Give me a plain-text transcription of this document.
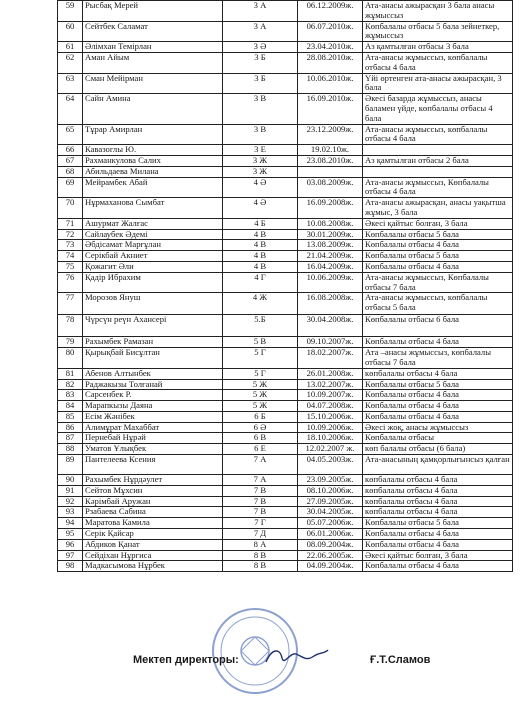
59	Рысбақ Мерей	3 А	06.12.2009ж.	Ата-анасы ажырасқан 3 бала анасы жұмыссыз
60	Сейтбек Саламат	3 А	06.07.2010ж.	Көпбалалы отбасы 5 бала зейнеткер, жұмыссыз
61	Әлімхан Темірлан	3 Ә	23.04.2010ж.	Аз қамтылған отбасы 3 бала
62	Аман Айым	3 Б	28.08.2010ж.	Ата-анасы жұмыссыз, көпбалалы отбасы 4 бала
63	Сман Мейірман	3 Б	10.06.2010ж.	Үйі өртенген ата-анасы ажырасқан, 3 бала
64	Сайн Амина	3 В	16.09.2010ж.	Әкесі базарда жұмыссыз, анасы баламен үйде, көпбалалы отбасы 4 бала
65	Тұрар Амирлан	3 В	23.12.2009ж.	Ата-анасы жұмыссыз, көпбалалы отбасы 4 бала
66	Кавазоглы Ю.	3 Е	19.02.10ж.	
67	Рахманкулова Салих	3 Ж	23.08.2010ж.	Аз қамтылған отбасы 2 бала
68	Абильдаева Милана	3 Ж		
69	Мейрамбек Абай	4 Ә	03.08.2009ж.	Ата-анасы жұмыссыз, Көпбалалы отбасы 4 бала
70	Нұрмаханова Сымбат	4 Ә	16.09.2008ж.	Ата-анасы ажырасқан, анасы уақытша жұмыс, 3 бала
71	Ашурмат Жалғас	4 Б	10.08.2008ж.	Әкесі қайтыс болған, 3 бала
72	Сайлаубек Әдемі	4 В	30.01.2009ж.	Көпбалалы отбасы 5 бала
73	Әбдісамат Марғұлан	4 В	13.08.2009ж.	Көпбалалы отбасы 4 бала
74	Серікбай Акниет	4 В	21.04.2009ж.	Көпбалалы отбасы 5 бала
75	Қожагит Әли	4 В	16.04.2009ж.	Көпбалалы отбасы 4 бала
76	Қадір Ибрахим	4 Г	10.06.2009ж.	Ата-анасы жұмыссыз, Көпбалалы отбасы 7 бала
77	Морозов Януш	4 Ж	16.08.2008ж.	Ата-анасы жұмыссыз, көпбалалы отбасы 5 бала
78	Чүрсүн реүн Ахансері	5.Б	30.04.2008ж.	Көпбалалы отбасы 6 бала
79	Рахымбек Рамазан	5 В	09.10.2007ж.	Көпбалалы отбасы 4 бала
80	Қырықбай Бисұлтан	5 Г	18.02.2007ж.	Ата –анасы жұмыссыз, көпбалалы отбасы 7 бала
81	Абенов Алтынбек	5 Г	26.01.2008ж.	көпбалалы отбасы 4 бала
82	Раджакызы Толғанай	5 Ж	13.02.2007ж.	Көпбалалы отбасы 5 бала
83	Сарсенбек Р.	5 Ж	10.09.2007ж.	Көпбалалы отбасы 4 бала
84	Марапкызы Даяна	5 Ж	04.07.2008ж.	Көпбалалы отбасы 4 бала
85	Есім Жәнібек	6 Б	15.10.2006ж.	Көпбалалы отбасы 4 бала
86	Алимұрат Махаббат	6 Ә	10.09.2006ж.	Әкесі жоқ, анасы жұмыссыз
87	Пернебай Нұрәй	6 В	18.10.2006ж.	Көпбалалы отбасы
88	Уматов Ұлықбек	6 Е	12.02.2007 ж.	көп балалы отбасы (6 бала)
89	Пантелеева Ксения	7 А	04.05.2003ж.	Ата-анасының қамқорлығынсыз қалған
90	Рахымбек Нұрдәулет	7 А	23.09.2005ж.	көпбалалы отбасы 4 бала
91	Сейтов Мұхсин	7 В	08.10.2006ж.	көпбалалы отбасы 4 бала
92	Кәрімбай Аружан	7 В	27.09.2005ж.	көпбалалы отбасы 4 бала
93	Рзабаева Сабина	7 В	30.04.2005ж.	көпбалалы отбасы 4 бала
94	Маратова Камила	7 Г	05.07.2006ж.	Көпбалалы отбасы 5 бала
95	Серік Қайсар	7 Д	06.01.2006ж.	Көпбалалы отбасы 4 бала
96	Абдиков Қанат	8 А	08.09.2004ж.	Көпбалалы отбасы 4 бала
97	Сейдіхан Нұргиса	8 В	22.06.2005ж.	Әкесі қайтыс болған, 3 бала
98	Мадкасымова Нұрбек	8 В	04.09.2004ж.	Көпбалалы отбасы 4 бала
Мектеп директоры:	Ғ.Т.Сламов
